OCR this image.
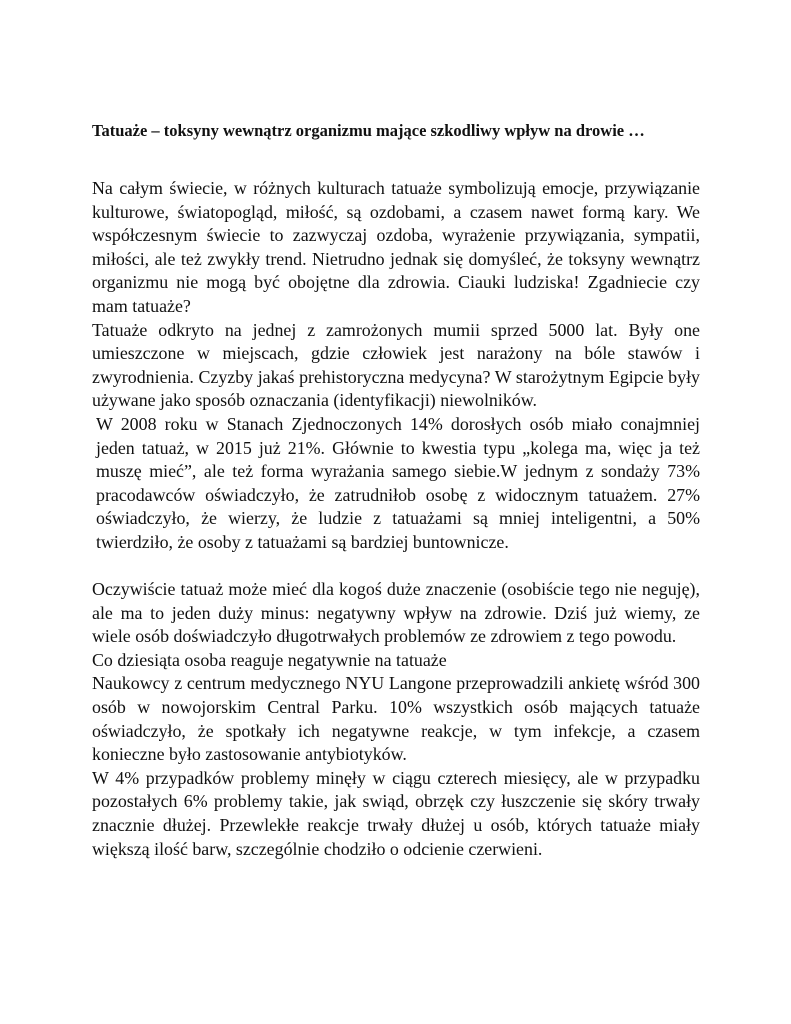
Tatuaże – toksyny wewnątrz organizmu mające szkodliwy wpływ na drowie …

Na całym świecie, w różnych kulturach tatuaże symbolizują emocje, przywiązanie kulturowe, światopogląd, miłość, są ozdobami, a czasem nawet formą kary. We współczesnym świecie to zazwyczaj ozdoba, wyrażenie przywiązania, sympatii, miłości, ale też zwykły trend. Nietrudno jednak się domyśleć, że toksyny wewnątrz organizmu nie mogą być obojętne dla zdrowia. Ciauki ludziska! Zgadniecie czy mam tatuaże?

Tatuaże odkryto na jednej z zamrożonych mumii sprzed 5000 lat. Były one umieszczone w miejscach, gdzie człowiek jest narażony na bóle stawów i zwyrodnienia. Czyzby jakaś prehistoryczna medycyna? W starożytnym Egipcie były używane jako sposób oznaczania (identyfikacji) niewolników.

W 2008 roku w Stanach Zjednoczonych 14% dorosłych osób miało conajmniej jeden tatuaż, w 2015 już 21%. Głównie to kwestia typu „kolega ma, więc ja też muszę mieć”, ale też forma wyrażania samego siebie.W jednym z sondaży 73% pracodawców oświadczyło, że zatrudniłob osobę z widocznym tatuażem. 27% oświadczyło, że wierzy, że ludzie z tatuażami są mniej inteligentni, a 50% twierdziło, że osoby z tatuażami są bardziej buntownicze.

Oczywiście tatuaż może mieć dla kogoś duże znaczenie (osobiście tego nie neguję), ale ma to jeden duży minus: negatywny wpływ na zdrowie. Dziś już wiemy, ze wiele osób doświadczyło długotrwałych problemów ze zdrowiem z tego powodu.

Co dziesiąta osoba reaguje negatywnie na tatuaże

Naukowcy z centrum medycznego NYU Langone przeprowadzili ankietę wśród 300 osób w nowojorskim Central Parku. 10% wszystkich osób mających tatuaże oświadczyło, że spotkały ich negatywne reakcje, w tym infekcje, a czasem konieczne było zastosowanie antybiotyków.

W 4% przypadków problemy minęły w ciągu czterech miesięcy, ale w przypadku pozostałych 6% problemy takie, jak swiąd, obrzęk czy łuszczenie się skóry trwały znacznie dłużej. Przewlekłe reakcje trwały dłużej u osób, których tatuaże miały większą ilość barw, szczególnie chodziło o odcienie czerwieni.
